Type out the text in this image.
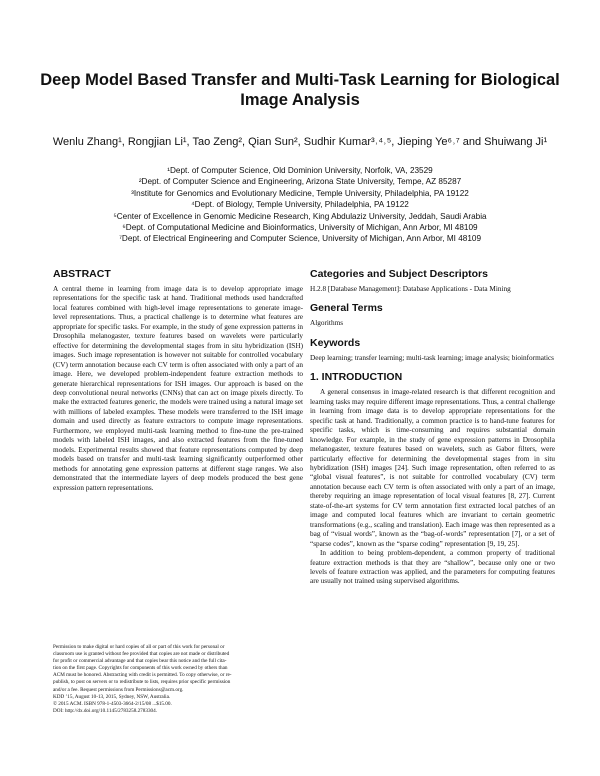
Deep Model Based Transfer and Multi-Task Learning for Biological Image Analysis
Wenlu Zhang¹, Rongjian Li¹, Tao Zeng², Qian Sun², Sudhir Kumar³˒⁴˒⁵, Jieping Ye⁶˒⁷ and Shuiwang Ji¹
¹Dept. of Computer Science, Old Dominion University, Norfolk, VA, 23529
²Dept. of Computer Science and Engineering, Arizona State University, Tempe, AZ 85287
³Institute for Genomics and Evolutionary Medicine, Temple University, Philadelphia, PA 19122
⁴Dept. of Biology, Temple University, Philadelphia, PA 19122
⁵Center of Excellence in Genomic Medicine Research, King Abdulaziz University, Jeddah, Saudi Arabia
⁶Dept. of Computational Medicine and Bioinformatics, University of Michigan, Ann Arbor, MI 48109
⁷Dept. of Electrical Engineering and Computer Science, University of Michigan, Ann Arbor, MI 48109
ABSTRACT

A central theme in learning from image data is to develop appropriate image representations for the specific task at hand. Traditional methods used handcrafted local features combined with high-level image representations to generate image-level representations. Thus, a practical challenge is to determine what features are appropriate for specific tasks. For example, in the study of gene expression patterns in Drosophila melanogaster, texture features based on wavelets were particularly effective for determining the developmental stages from in situ hybridization (ISH) images. Such image representation is however not suitable for controlled vocabulary (CV) term annotation because each CV term is often associated with only a part of an image. Here, we developed problem-independent feature extraction methods to generate hierarchical representations for ISH images. Our approach is based on the deep convolutional neural networks (CNNs) that can act on image pixels directly. To make the extracted features generic, the models were trained using a natural image set with millions of labeled examples. These models were transferred to the ISH image domain and used directly as feature extractors to compute image representations. Furthermore, we employed multi-task learning method to fine-tune the pre-trained models with labeled ISH images, and also extracted features from the fine-tuned models. Experimental results showed that feature representations computed by deep models based on transfer and multi-task learning significantly outperformed other methods for annotating gene expression patterns at different stage ranges. We also demonstrated that the intermediate layers of deep models produced the best gene expression pattern representations.

Permission to make digital or hard copies of all or part of this work for personal or
classroom use is granted without fee provided that copies are not made or distributed
for profit or commercial advantage and that copies bear this notice and the full cita-
tion on the first page. Copyrights for components of this work owned by others than
ACM must be honored. Abstracting with credit is permitted. To copy otherwise, or re-
publish, to post on servers or to redistribute to lists, requires prior specific permission
and/or a fee. Request permissions from Permissions@acm.org.
KDD ’15, August 10-13, 2015, Sydney, NSW, Australia.
© 2015 ACM. ISBN 978-1-4503-3664-2/15/08 ...$15.00.
DOI: http://dx.doi.org/10.1145/2783258.2783304.
Categories and Subject Descriptors

H.2.8 [Database Management]: Database Applications - Data Mining

General Terms

Algorithms

Keywords

Deep learning; transfer learning; multi-task learning; image analysis; bioinformatics

1. INTRODUCTION

A general consensus in image-related research is that different recognition and learning tasks may require different image representations. Thus, a central challenge in learning from image data is to develop appropriate representations for the specific task at hand. Traditionally, a common practice is to hand-tune features for specific tasks, which is time-consuming and requires substantial domain knowledge. For example, in the study of gene expression patterns in Drosophila melanogaster, texture features based on wavelets, such as Gabor filters, were particularly effective for determining the developmental stages from in situ hybridization (ISH) images [24]. Such image representation, often referred to as “global visual features”, is not suitable for controlled vocabulary (CV) term annotation because each CV term is often associated with only a part of an image, thereby requiring an image representation of local visual features [8, 27]. Current state-of-the-art systems for CV term annotation first extracted local patches of an image and computed local features which are invariant to certain geometric transformations (e.g., scaling and translation). Each image was then represented as a bag of “visual words”, known as the “bag-of-words” representation [7], or a set of “sparse codes”, known as the “sparse coding” representation [9, 19, 25].

In addition to being problem-dependent, a common property of traditional feature extraction methods is that they are “shallow”, because only one or two levels of feature extraction was applied, and the parameters for computing features are usually not trained using supervised algorithms.
